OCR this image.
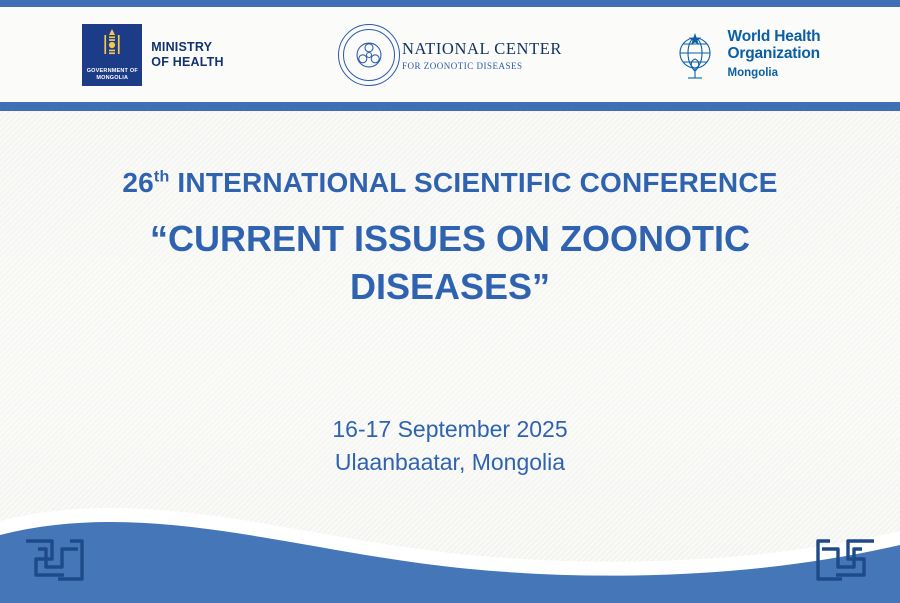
GOVERNMENT OF
MONGOLIA
MINISTRY
OF HEALTH
NATIONAL CENTER
FOR ZOONOTIC DISEASES
World Health
Organization
Mongolia
26th INTERNATIONAL SCIENTIFIC CONFERENCE
“CURRENT ISSUES ON ZOONOTIC DISEASES”
16-17 September 2025
Ulaanbaatar, Mongolia
